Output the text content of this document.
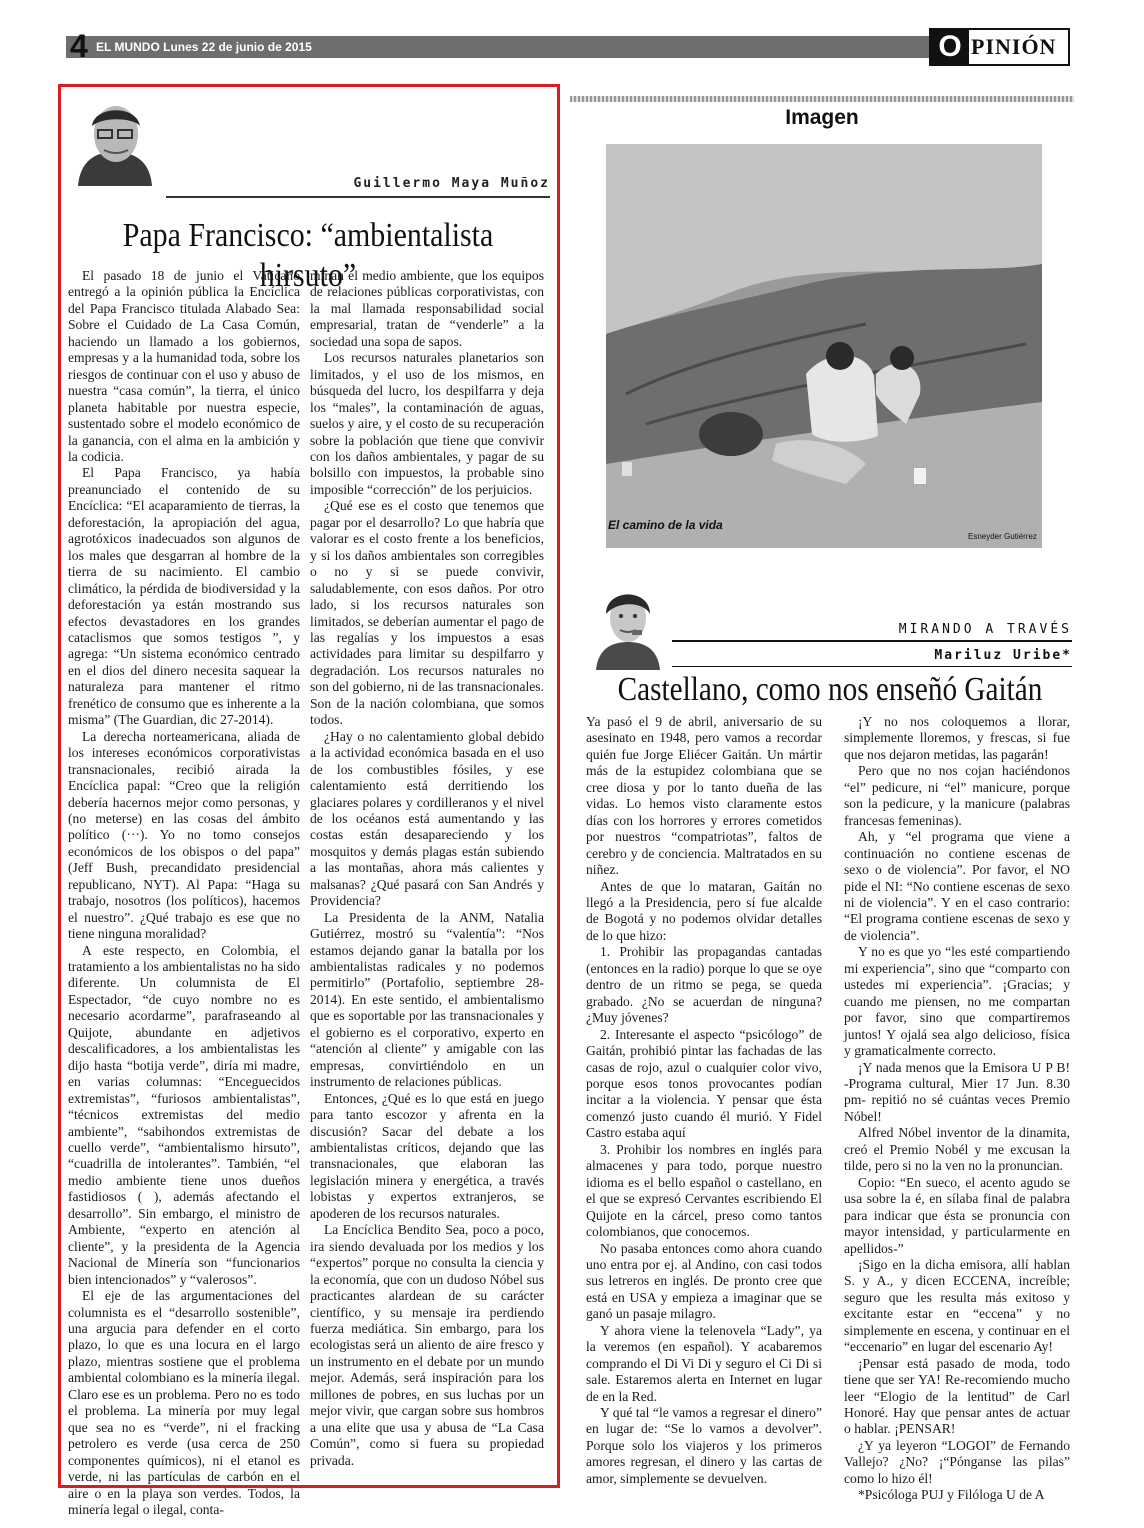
4 EL MUNDO Lunes 22 de junio de 2015	O PINIÓN
Guillermo Maya Muñoz
Papa Francisco: “ambientalista hirsuto”

El pasado 18 de junio el Vaticano entregó a la opinión pública la Encíclica del Papa Francisco titulada Alabado Sea: Sobre el Cuidado de La Casa Común, haciendo un llamado a los gobiernos, empresas y a la humanidad toda, sobre los riesgos de continuar con el uso y abuso de nuestra “casa común”, la tierra, el único planeta habitable por nuestra especie, sustentado sobre el modelo económico de la ganancia, con el alma en la ambición y la codicia.

El Papa Francisco, ya había preanunciado el contenido de su Encíclica: “El acaparamiento de tierras, la deforestación, la apropiación del agua, agrotóxicos inadecuados son algunos de los males que desgarran al hombre de la tierra de su nacimiento. El cambio climático, la pérdida de biodiversidad y la deforestación ya están mostrando sus efectos devastadores en los grandes cataclismos que somos testigos ”, y agrega: “Un sistema económico centrado en el dios del dinero necesita saquear la naturaleza para mantener el ritmo frenético de consumo que es inherente a la misma” (The Guardian, dic 27-2014).

La derecha norteamericana, aliada de los intereses económicos corporativistas transnacionales, recibió airada la Encíclica papal: “Creo que la religión debería hacernos mejor como personas, y (no meterse) en las cosas del ámbito político (···). Yo no tomo consejos económicos de los obispos o del papa” (Jeff Bush, precandidato presidencial republicano, NYT). Al Papa: “Haga su trabajo, nosotros (los políticos), hacemos el nuestro”. ¿Qué trabajo es ese que no tiene ninguna moralidad?

A este respecto, en Colombia, el tratamiento a los ambientalistas no ha sido diferente. Un columnista de El Espectador, “de cuyo nombre no es necesario acordarme”, parafraseando al Quijote, abundante en adjetivos descalificadores, a los ambientalistas les dijo hasta “botija verde”, diría mi madre, en varias columnas: “Enceguecidos extremistas”, “furiosos ambientalistas”, “técnicos extremistas del medio ambiente”, “sabihondos extremistas de cuello verde”, “ambientalismo hirsuto”, “cuadrilla de intolerantes”. También, “el medio ambiente tiene unos dueños fastidiosos ( ), además afectando el desarrollo”. Sin embargo, el ministro de Ambiente, “experto en atención al cliente”, y la presidenta de la Agencia Nacional de Minería son “funcionarios bien intencionados” y “valerosos”.

El eje de las argumentaciones del columnista es el “desarrollo sostenible”, una argucia para defender en el corto plazo, lo que es una locura en el largo plazo, mientras sostiene que el problema ambiental colombiano es la minería ilegal. Claro ese es un problema. Pero no es todo el problema. La minería por muy legal que sea no es “verde”, ni el fracking petrolero es verde (usa cerca de 250 componentes químicos), ni el etanol es verde, ni las partículas de carbón en el aire o en la playa son verdes. Todos, la minería legal o ilegal, conta-

minan el medio ambiente, que los equipos de relaciones públicas corporativistas, con la mal llamada responsabilidad social empresarial, tratan de “venderle” a la sociedad una sopa de sapos.

Los recursos naturales planetarios son limitados, y el uso de los mismos, en búsqueda del lucro, los despilfarra y deja los “males”, la contaminación de aguas, suelos y aire, y el costo de su recuperación sobre la población que tiene que convivir con los daños ambientales, y pagar de su bolsillo con impuestos, la probable sino imposible “corrección” de los perjuicios.

¿Qué ese es el costo que tenemos que pagar por el desarrollo? Lo que habría que valorar es el costo frente a los beneficios, y si los daños ambientales son corregibles o no y si se puede convivir, saludablemente, con esos daños. Por otro lado, si los recursos naturales son limitados, se deberían aumentar el pago de las regalías y los impuestos a esas actividades para limitar su despilfarro y degradación. Los recursos naturales no son del gobierno, ni de las transnacionales. Son de la nación colombiana, que somos todos.

¿Hay o no calentamiento global debido a la actividad económica basada en el uso de los combustibles fósiles, y ese calentamiento está derritiendo los glaciares polares y cordilleranos y el nivel de los océanos está aumentando y las costas están desapareciendo y los mosquitos y demás plagas están subiendo a las montañas, ahora más calientes y malsanas? ¿Qué pasará con San Andrés y Providencia?

La Presidenta de la ANM, Natalia Gutiérrez, mostró su “valentía”: “Nos estamos dejando ganar la batalla por los ambientalistas radicales y no podemos permitirlo” (Portafolio, septiembre 28-2014). En este sentido, el ambientalismo que es soportable por las transnacionales y el gobierno es el corporativo, experto en “atención al cliente” y amigable con las empresas, convirtiéndolo en un instrumento de relaciones públicas.

Entonces, ¿Qué es lo que está en juego para tanto escozor y afrenta en la discusión? Sacar del debate a los ambientalistas críticos, dejando que las transnacionales, que elaboran las legislación minera y energética, a través lobistas y expertos extranjeros, se apoderen de los recursos naturales.

La Encíclica Bendito Sea, poco a poco, ira siendo devaluada por los medios y los “expertos” porque no consulta la ciencia y la economía, que con un dudoso Nóbel sus practicantes alardean de su carácter científico, y su mensaje ira perdiendo fuerza mediática. Sin embargo, para los ecologistas será un aliento de aire fresco y un instrumento en el debate por un mundo mejor. Además, será inspiración para los millones de pobres, en sus luchas por un mejor vivir, que cargan sobre sus hombros a una elite que usa y abusa de “La Casa Común”, como si fuera su propiedad privada.

Imagen
El camino de la vida
Esneyder Gutiérrez
MIRANDO A TRAVÉS
Mariluz Uribe*
Castellano, como nos enseñó Gaitán

Ya pasó el 9 de abril, aniversario de su asesinato en 1948, pero vamos a recordar quién fue Jorge Eliécer Gaitán. Un mártir más de la estupidez colombiana que se cree diosa y por lo tanto dueña de las vidas. Lo hemos visto claramente estos días con los horrores y errores cometidos por nuestros “compatriotas”, faltos de cerebro y de conciencia. Maltratados en su niñez.

Antes de que lo mataran, Gaitán no llegó a la Presidencia, pero sí fue alcalde de Bogotá y no podemos olvidar detalles de lo que hizo:

1. Prohibir las propagandas cantadas (entonces en la radio) porque lo que se oye dentro de un ritmo se pega, se queda grabado. ¿No se acuerdan de ninguna? ¿Muy jóvenes?

2. Interesante el aspecto “psicólogo” de Gaitán, prohibió pintar las fachadas de las casas de rojo, azul o cualquier color vivo, porque esos tonos provocantes podían incitar a la violencia. Y pensar que ésta comenzó justo cuando él murió. Y Fidel Castro estaba aquí

3. Prohibir los nombres en inglés para almacenes y para todo, porque nuestro idioma es el bello español o castellano, en el que se expresó Cervantes escribiendo El Quijote en la cárcel, preso como tantos colombianos, que conocemos.

No pasaba entonces como ahora cuando uno entra por ej. al Andino, con casi todos sus letreros en inglés. De pronto cree que está en USA y empieza a imaginar que se ganó un pasaje milagro.

Y ahora viene la telenovela “Lady”, ya la veremos (en español). Y acabaremos comprando el Di Vi Di y seguro el Ci Di si sale. Estaremos alerta en Internet en lugar de en la Red.

Y qué tal “le vamos a regresar el dinero” en lugar de: “Se lo vamos a devolver”. Porque solo los viajeros y los primeros amores regresan, el dinero y las cartas de amor, simplemente se devuelven.

¡Y no nos coloquemos a llorar, simplemente lloremos, y frescas, si fue que nos dejaron metidas, las pagarán!

Pero que no nos cojan haciéndonos “el” pedicure, ni “el” manicure, porque son la pedicure, y la manicure (palabras francesas femeninas).

Ah, y “el programa que viene a continuación no contiene escenas de sexo o de violencia”. Por favor, el NO pide el NI: “No contiene escenas de sexo ni de violencia”. Y en el caso contrario: “El programa contiene escenas de sexo y de violencia”.

Y no es que yo “les esté compartiendo mi experiencia”, sino que “comparto con ustedes mi experiencia”. ¡Gracias; y cuando me piensen, no me compartan por favor, sino que compartiremos juntos! Y ojalá sea algo delicioso, física y gramaticalmente correcto.

¡Y nada menos que la Emisora U P B! -Programa cultural, Mier 17 Jun. 8.30 pm- repitió no sé cuántas veces Premio Nóbel!

Alfred Nóbel inventor de la dinamita, creó el Premio Nobél y me excusan la tilde, pero si no la ven no la pronuncian.

Copio: “En sueco, el acento agudo se usa sobre la é, en sílaba final de palabra para indicar que ésta se pronuncia con mayor intensidad, y particularmente en apellidos-”

¡Sigo en la dicha emisora, allí hablan S. y A., y dicen ECCENA, increíble; seguro que les resulta más exitoso y excitante estar en “eccena” y no simplemente en escena, y continuar en el “eccenario” en lugar del escenario Ay!

¡Pensar está pasado de moda, todo tiene que ser YA! Re-recomiendo mucho leer “Elogio de la lentitud” de Carl Honoré. Hay que pensar antes de actuar o hablar. ¡PENSAR!

¿Y ya leyeron “LOGOI” de Fernando Vallejo? ¿No? ¡“Pónganse las pilas” como lo hizo él!

*Psicóloga PUJ y Filóloga U de A
